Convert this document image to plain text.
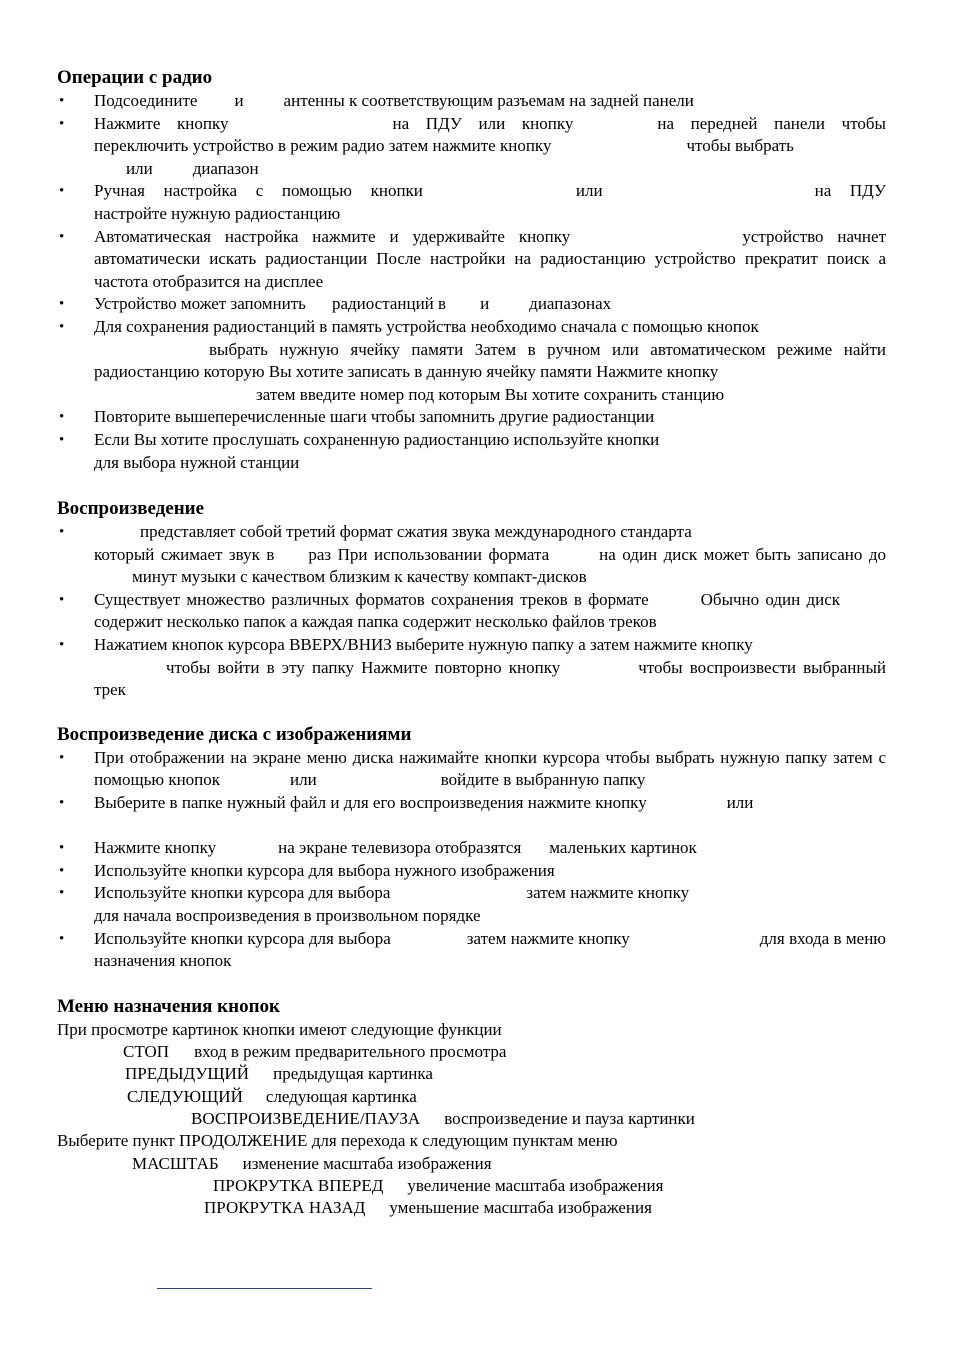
Операции с радио
• Подсоедините и антенны к соответствующим разъемам на задней панели
• Нажмите кнопку	на ПДУ или кнопку	на передней панели чтобы переключить устройство в режим радио затем нажмите кнопку	чтобы выбрать
или диапазон
• Ручная настройка с помощью кнопки	или	на ПДУ настройте нужную радиостанцию
• Автоматическая настройка нажмите и удерживайте кнопку	устройство начнет автоматически искать радиостанции После настройки на радиостанцию устройство прекратит поиск а частота отобразится на дисплее
• Устройство может запомнить радиостанций в и диапазонах
• Для сохранения радиостанций в память устройства необходимо сначала с помощью кнопок
выбрать нужную ячейку памяти Затем в ручном или автоматическом режиме найти радиостанцию которую Вы хотите записать в данную ячейку памяти Нажмите кнопку
затем введите номер под которым Вы хотите сохранить станцию
• Повторите вышеперечисленные шаги чтобы запомнить другие радиостанции
• Если Вы хотите прослушать сохраненную радиостанцию используйте кнопки
для выбора нужной станции
Воспроизведение
• представляет собой третий формат сжатия звука международного стандарта
который сжимает звук в раз При использовании формата	на один диск может быть записано доминут музыки с качеством близким к качеству компакт-дисков
• Существует множество различных форматов сохранения треков в формате	Обычно один дисксодержит несколько папок а каждая папка содержит несколько файлов треков
• Нажатием кнопок курсора ВВЕРХ/ВНИЗ выберите нужную папку а затем нажмите кнопку
чтобы войти в эту папку Нажмите повторно кнопку	чтобы воспроизвести выбранный трек
Воспроизведение диска с изображениями
• При отображении на экране меню диска нажимайте кнопки курсора чтобы выбрать нужную папку затем с помощью кнопок	или	войдите в выбранную папку
• Выберите в папке нужный файл и для его воспроизведения нажмите кнопку	или

• Нажмите кнопку	на экране телевизора отобразятся маленьких картинок
• Используйте кнопки курсора для выбора нужного изображения
• Используйте кнопки курсора для выбора	затем нажмите кнопку
для начала воспроизведения в произвольном порядке
• Используйте кнопки курсора для выбора	затем нажмите кнопку	для входа в меню назначения кнопок
Меню назначения кнопок
При просмотре картинок кнопки имеют следующие функции
СТОП вход в режим предварительного просмотра
ПРЕДЫДУЩИЙ предыдущая картинка
СЛЕДУЮЩИЙ следующая картинка
ВОСПРОИЗВЕДЕНИЕ/ПАУЗА воспроизведение и пауза картинки
Выберите пункт ПРОДОЛЖЕНИЕ для перехода к следующим пунктам меню
МАСШТАБ изменение масштаба изображения
ПРОКРУТКА ВПЕРЕД увеличение масштаба изображения
ПРОКРУТКА НАЗАД уменьшение масштаба изображения
